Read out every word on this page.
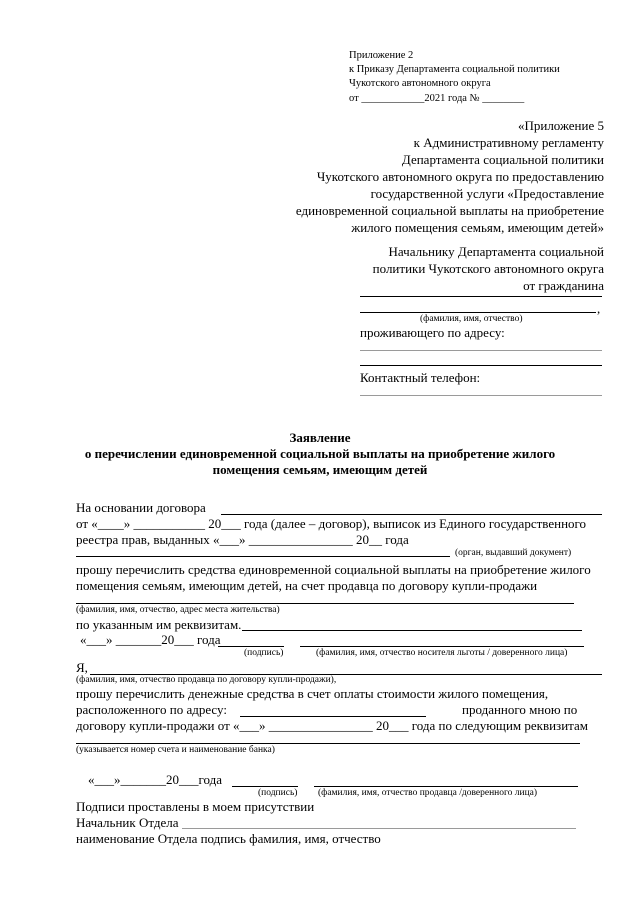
Приложение 2
к Приказу Департамента социальной политики
Чукотского автономного округа
от ____________2021 года № ________
«Приложение 5
к Административному регламенту
Департамента социальной политики
Чукотского автономного округа по предоставлению
государственной услуги «Предоставление
единовременной социальной выплаты на приобретение
жилого помещения семьям, имеющим детей»
Начальнику Департамента социальной
политики Чукотского автономного округа
от гражданина
,
(фамилия, имя, отчество)
проживающего по адресу:
Контактный телефон:
Заявление
о перечислении единовременной социальной выплаты на приобретение жилого
помещения семьям, имеющим детей
На основании договора
от «____» ___________ 20___ года (далее – договор), выписок из Единого государственного
реестра прав, выданных «___» ________________ 20__ года
(орган, выдавший документ)
прошу перечислить средства единовременной социальной выплаты на приобретение жилого
помещения семьям, имеющим детей, на счет продавца по договору купли-продажи
(фамилия, имя, отчество, адрес места жительства)
по указанным им реквизитам.
«___» _______20___ года
(подпись)	(фамилия, имя, отчество носителя льготы / доверенного лица)
Я,
(фамилия, имя, отчество продавца по договору купли-продажи),
прошу перечислить денежные средства в счет оплаты стоимости жилого помещения,
расположенного по адресу:	проданного мною по
договору купли-продажи от «___» ________________ 20___ года по следующим реквизитам
(указывается номер счета и наименование банка)
«___»_______20___года
(подпись) (фамилия, имя, отчество продавца /доверенного лица)
Подписи проставлены в моем присутствии
Начальник Отдела
наименование Отдела подпись фамилия, имя, отчество
